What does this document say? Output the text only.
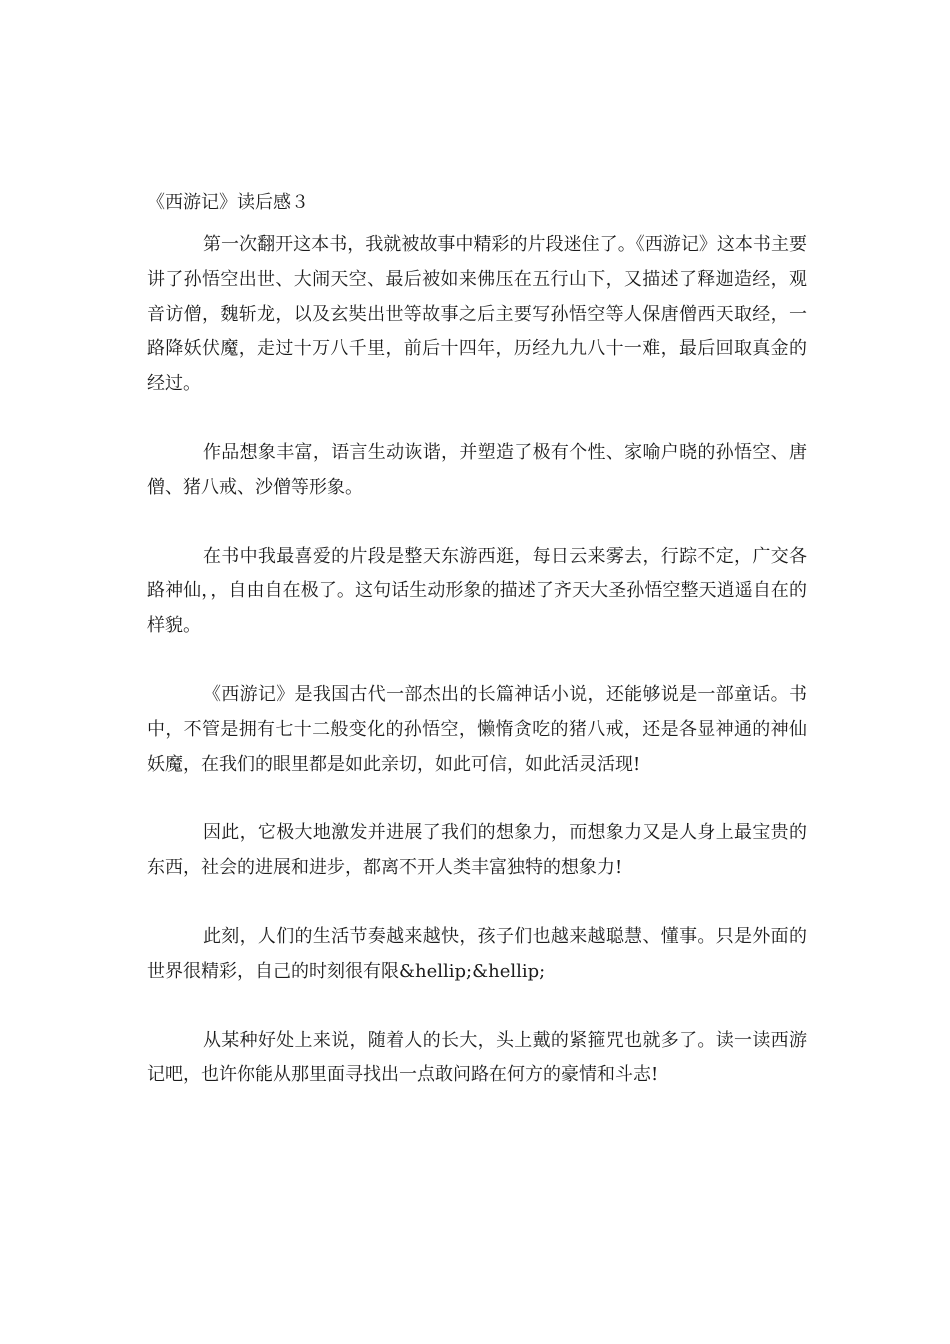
《西游记》读后感３

第一次翻开这本书，我就被故事中精彩的片段迷住了。《西游记》这本书主要讲了孙悟空出世、大闹天空、最后被如来佛压在五行山下，又描述了释迦造经，观音访僧，魏斩龙，以及玄奘出世等故事之后主要写孙悟空等人保唐僧西天取经，一路降妖伏魔，走过十万八千里，前后十四年，历经九九八十一难，最后回取真金的经过。

作品想象丰富，语言生动诙谐，并塑造了极有个性、家喻户晓的孙悟空、唐僧、猪八戒、沙僧等形象。

在书中我最喜爱的片段是整天东游西逛，每日云来雾去，行踪不定，广交各路神仙，，自由自在极了。这句话生动形象的描述了齐天大圣孙悟空整天逍遥自在的样貌。

《西游记》是我国古代一部杰出的长篇神话小说，还能够说是一部童话。书中，不管是拥有七十二般变化的孙悟空，懒惰贪吃的猪八戒，还是各显神通的神仙妖魔，在我们的眼里都是如此亲切，如此可信，如此活灵活现!

因此，它极大地激发并进展了我们的想象力，而想象力又是人身上最宝贵的东西，社会的进展和进步，都离不开人类丰富独特的想象力!

此刻，人们的生活节奏越来越快，孩子们也越来越聪慧、懂事。只是外面的世界很精彩，自己的时刻很有限&hellip;&hellip;

从某种好处上来说，随着人的长大，头上戴的紧箍咒也就多了。读一读西游记吧，也许你能从那里面寻找出一点敢问路在何方的豪情和斗志!
